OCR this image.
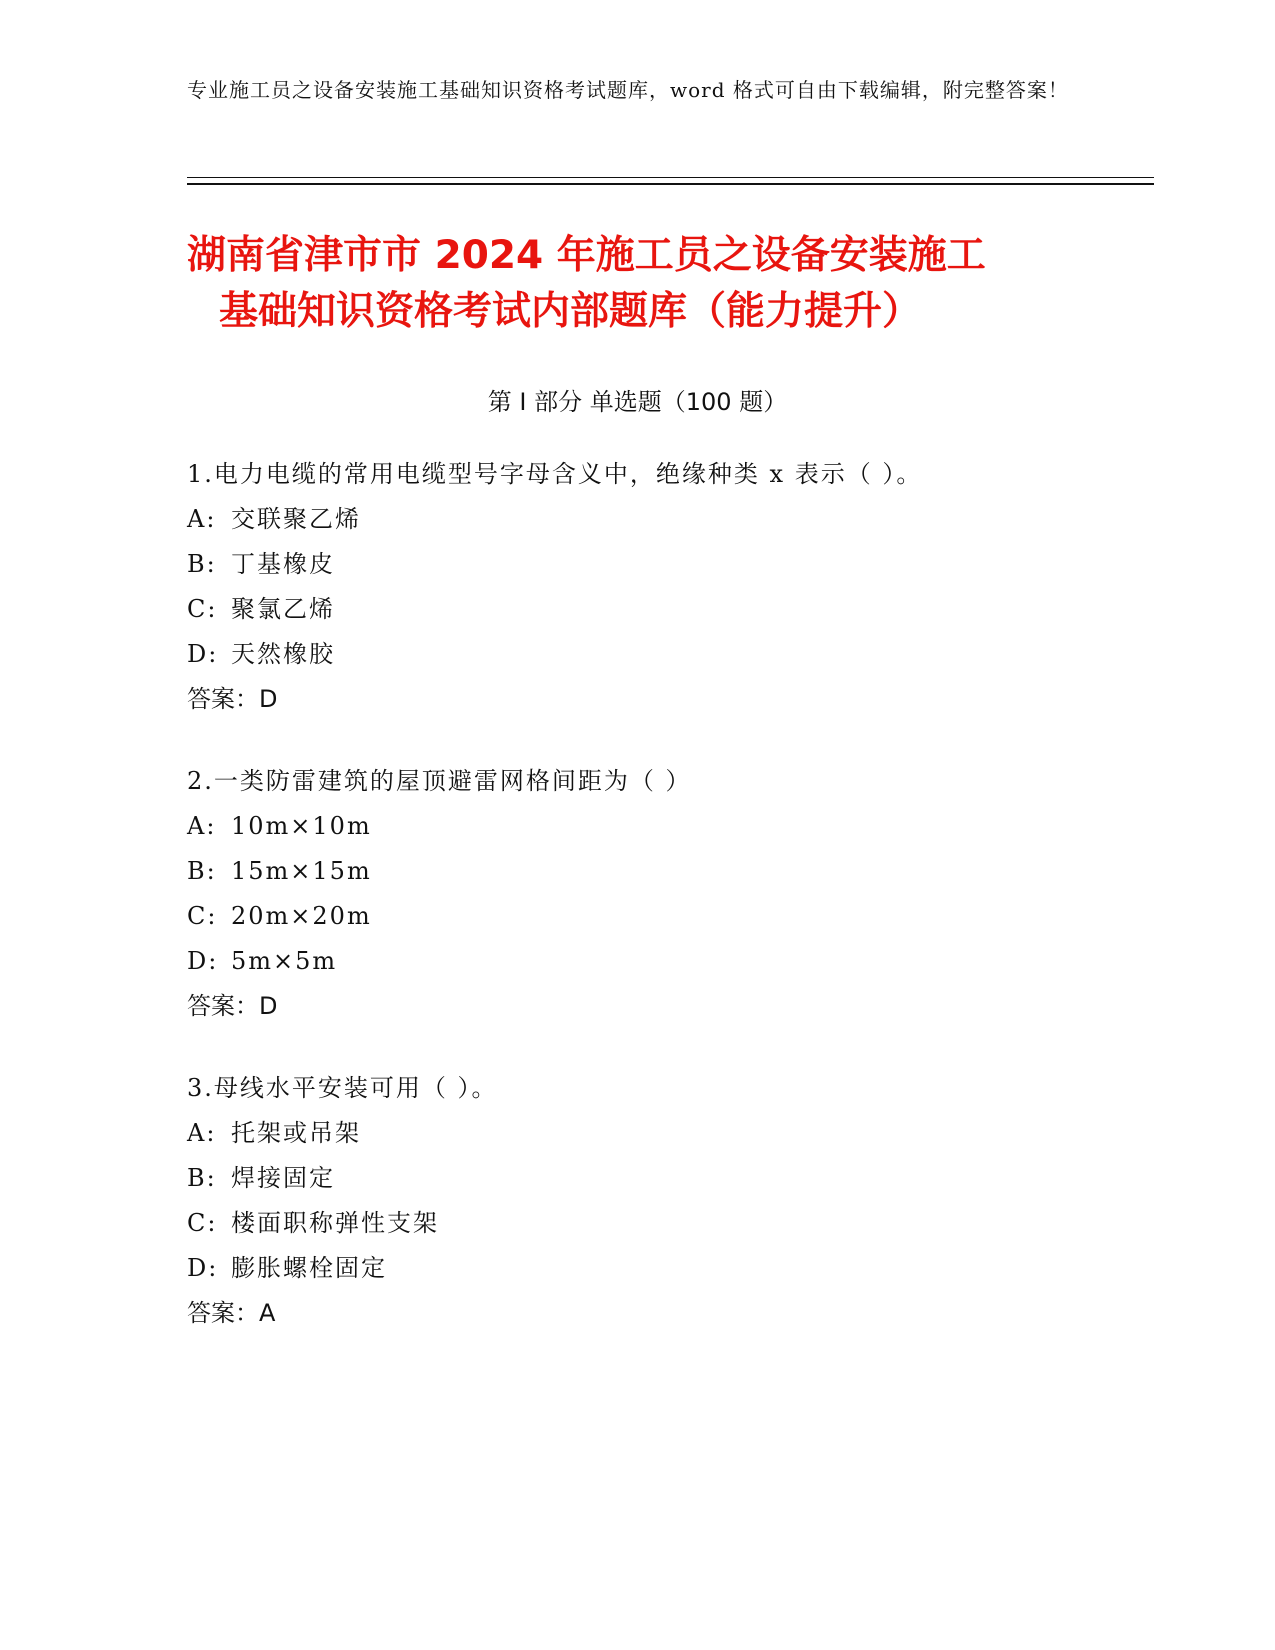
专业施工员之设备安装施工基础知识资格考试题库，word 格式可自由下载编辑，附完整答案！
湖南省津市市 2024 年施工员之设备安装施工
基础知识资格考试内部题库（能力提升）
第 I 部分 单选题（100 题）
1.电力电缆的常用电缆型号字母含义中，绝缘种类 x 表示（ ）。
A: 交联聚乙烯
B: 丁基橡皮
C: 聚氯乙烯
D: 天然橡胶
答案：D
2.一类防雷建筑的屋顶避雷网格间距为（ ）
A: 10m×10m
B: 15m×15m
C: 20m×20m
D: 5m×5m
答案：D
3.母线水平安装可用（ ）。
A: 托架或吊架
B: 焊接固定
C: 楼面职称弹性支架
D: 膨胀螺栓固定
答案：A
